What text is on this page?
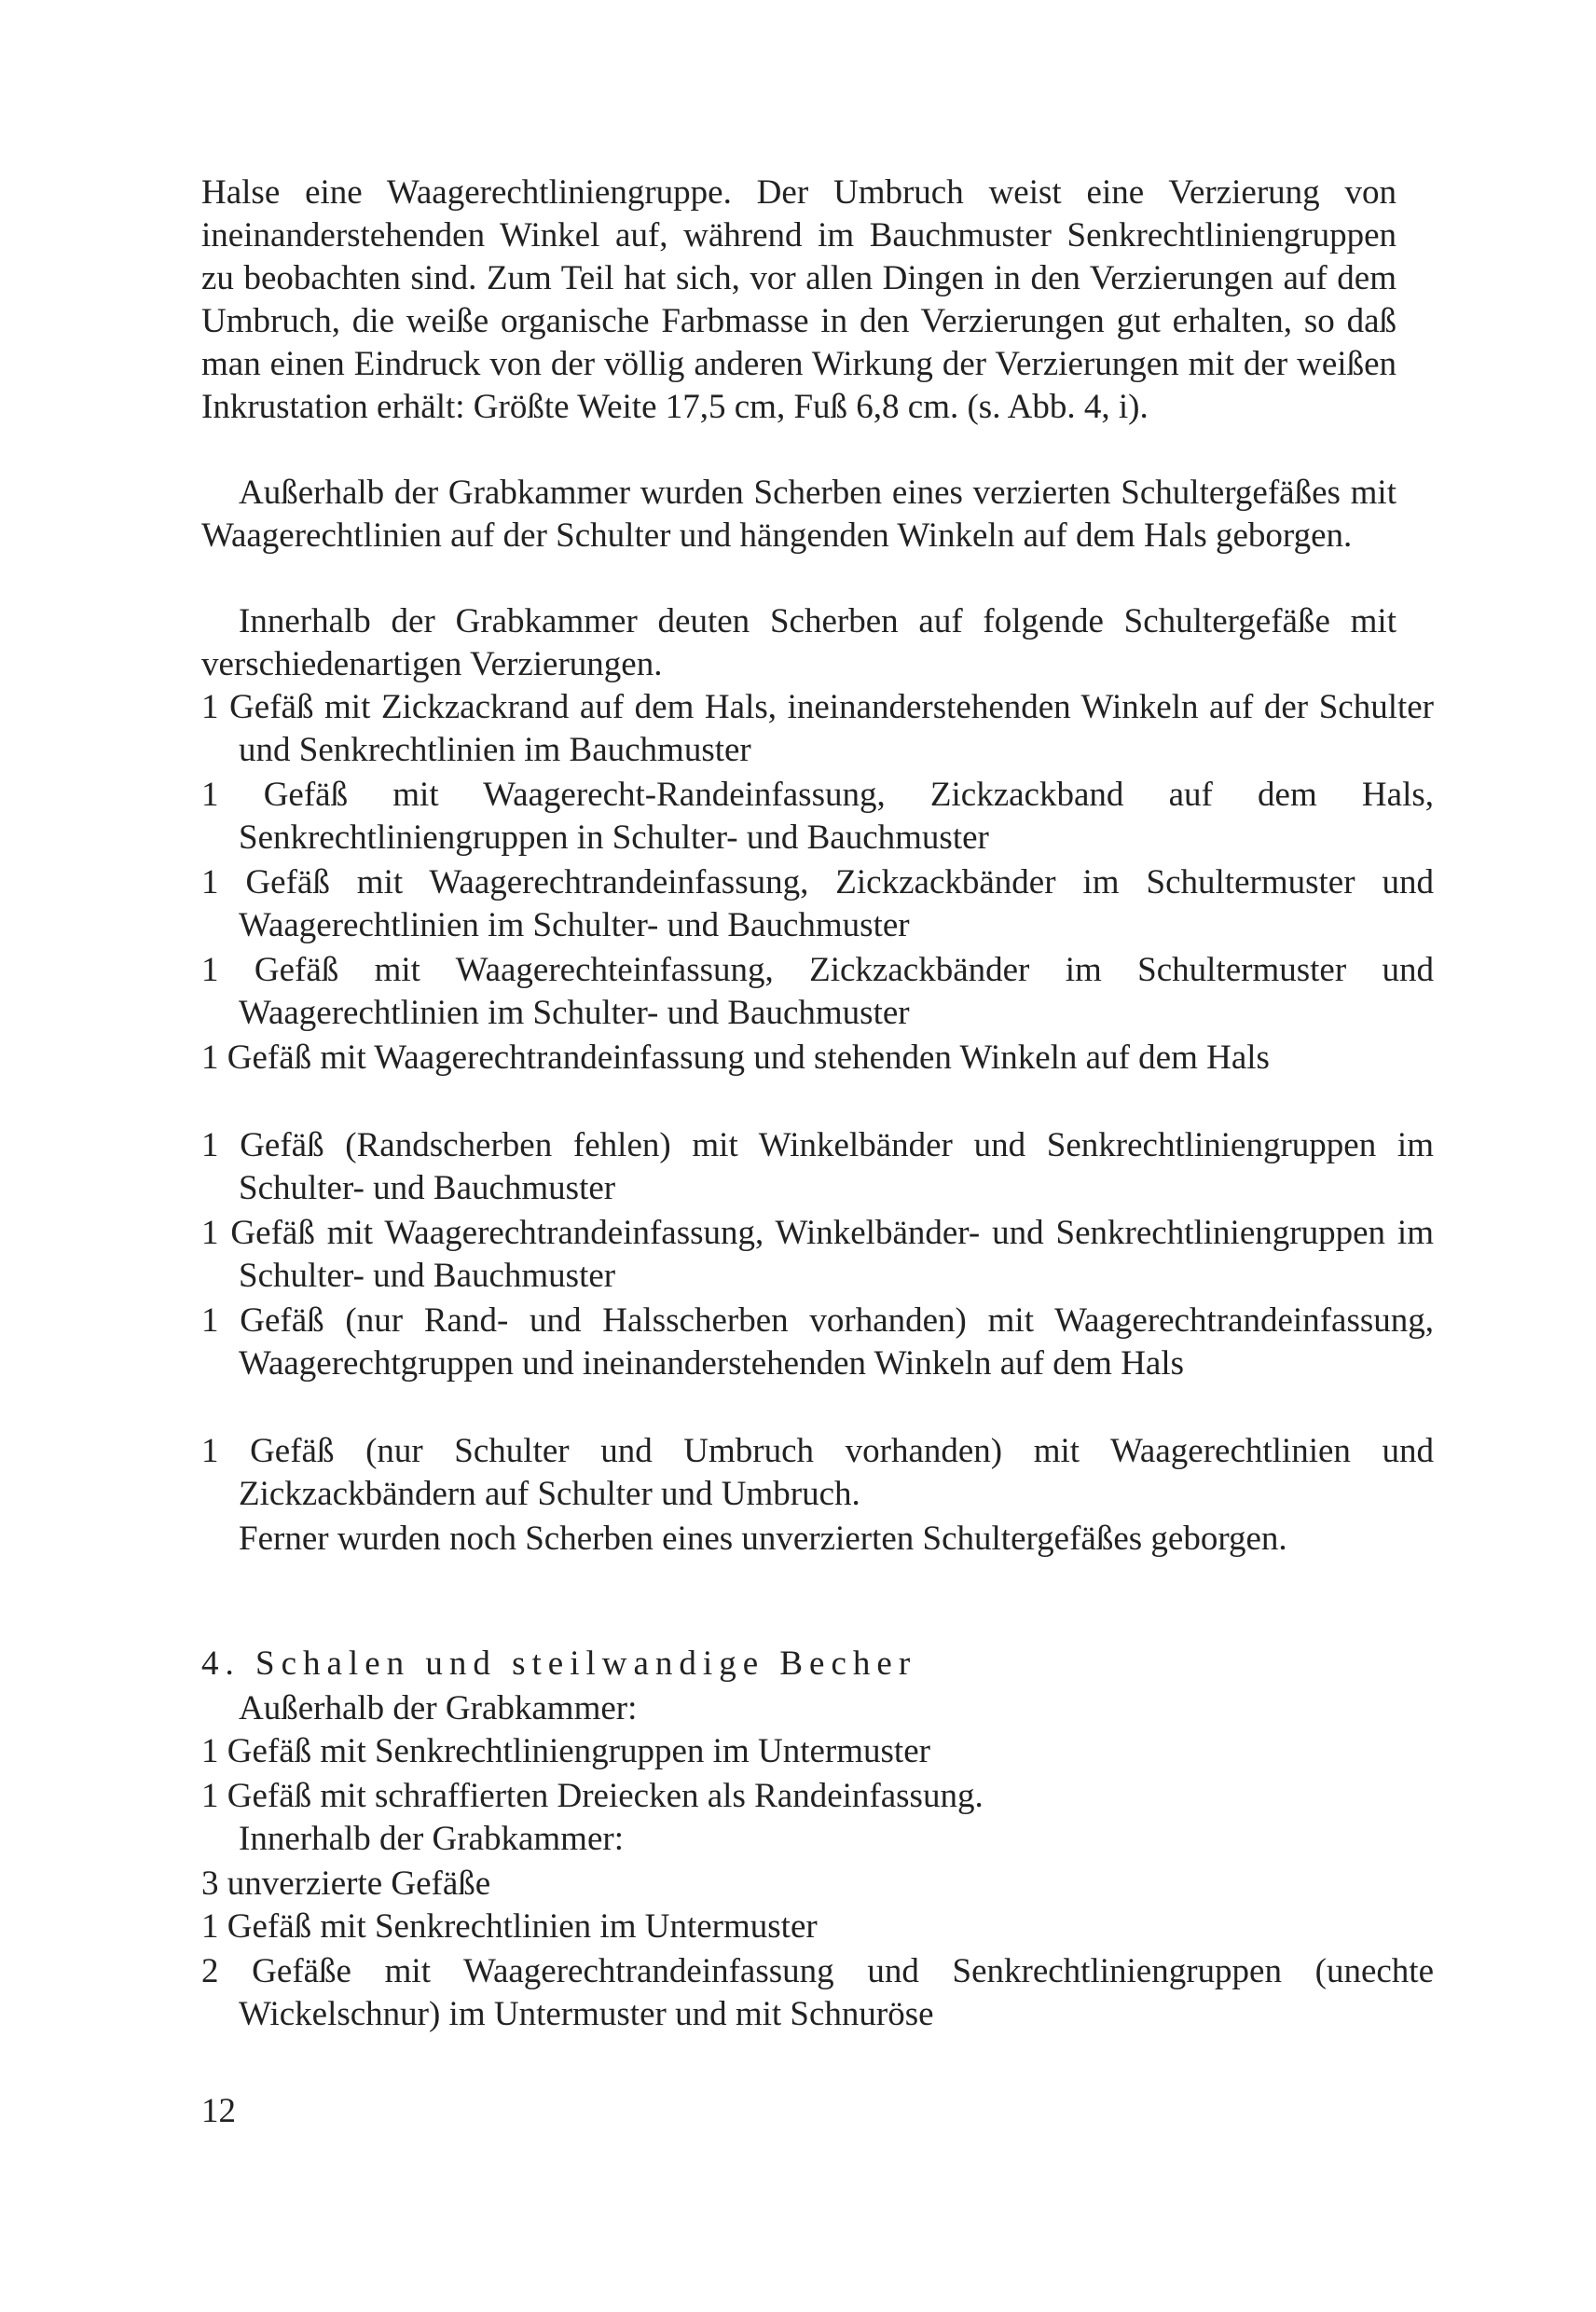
Halse eine Waagerechtliniengruppe. Der Umbruch weist eine Verzierung von ineinanderstehenden Winkel auf, während im Bauchmuster Senkrechtliniengruppen zu beobachten sind. Zum Teil hat sich, vor allen Dingen in den Verzierungen auf dem Umbruch, die weiße organische Farbmasse in den Verzierungen gut erhalten, so daß man einen Eindruck von der völlig anderen Wirkung der Verzierungen mit der weißen Inkrustation erhält: Größte Weite 17,5 cm, Fuß 6,8 cm. (s. Abb. 4, i).

Außerhalb der Grabkammer wurden Scherben eines verzierten Schultergefäßes mit Waagerechtlinien auf der Schulter und hängenden Winkeln auf dem Hals geborgen.

Innerhalb der Grabkammer deuten Scherben auf folgende Schultergefäße mit verschiedenartigen Verzierungen.

1 Gefäß mit Zickzackrand auf dem Hals, ineinanderstehenden Winkeln auf der Schulter und Senkrechtlinien im Bauchmuster

1 Gefäß mit Waagerecht-Randeinfassung, Zickzackband auf dem Hals, Senkrechtliniengruppen in Schulter- und Bauchmuster

1 Gefäß mit Waagerechtrandeinfassung, Zickzackbänder im Schultermuster und Waagerechtlinien im Schulter- und Bauchmuster

1 Gefäß mit Waagerechteinfassung, Zickzackbänder im Schultermuster und Waagerechtlinien im Schulter- und Bauchmuster

1 Gefäß mit Waagerechtrandeinfassung und stehenden Winkeln auf dem Hals

1 Gefäß (Randscherben fehlen) mit Winkelbänder und Senkrechtliniengruppen im Schulter- und Bauchmuster

1 Gefäß mit Waagerechtrandeinfassung, Winkelbänder- und Senkrechtliniengruppen im Schulter- und Bauchmuster

1 Gefäß (nur Rand- und Halsscherben vorhanden) mit Waagerechtrandeinfassung, Waagerechtgruppen und ineinanderstehenden Winkeln auf dem Hals

1 Gefäß (nur Schulter und Umbruch vorhanden) mit Waagerechtlinien und Zickzackbändern auf Schulter und Umbruch.

Ferner wurden noch Scherben eines unverzierten Schultergefäßes geborgen.

4. Schalen und steilwandige Becher

Außerhalb der Grabkammer:

1 Gefäß mit Senkrechtliniengruppen im Untermuster

1 Gefäß mit schraffierten Dreiecken als Randeinfassung.

Innerhalb der Grabkammer:

3 unverzierte Gefäße

1 Gefäß mit Senkrechtlinien im Untermuster

2 Gefäße mit Waagerechtrandeinfassung und Senkrechtliniengruppen (unechte Wickelschnur) im Untermuster und mit Schnuröse

12
